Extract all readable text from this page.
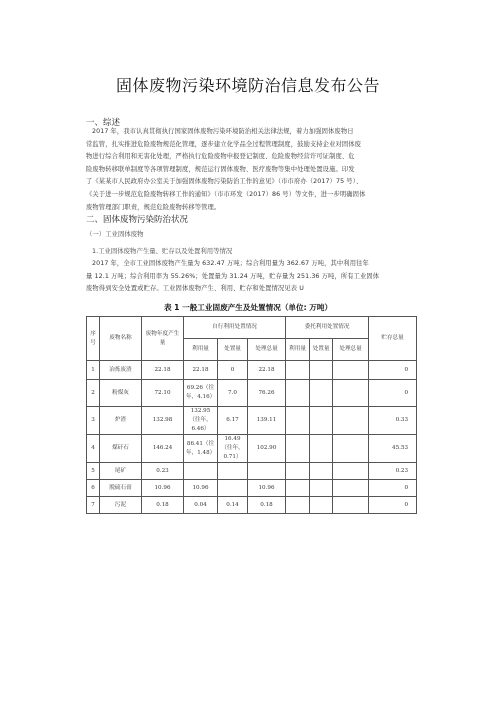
固体废物污染环境防治信息发布公告
一、综述
2017 年，我市认真贯彻执行国家固体废物污染环境防治相关法律法规，着力加强固体废物日
常监管，扎实推进危险废物规范化管理，逐步建立化学品全过程管理制度，鼓励支持企业对固体废
物进行综合利用和无害化处理，严格执行危险废物申报登记制度、危险废物经营许可证制度、危
险废物转移联单制度等各项管理制度，规范运行固体废物、医疗废物等集中处理处置设施。印发
了《某某市人民政府办公室关于加强固体废物污染防治工作的意见》（市市府办（2017）75 号）、
《关于进一步规范危险废物转移工作的通知》（市市环发（2017）86 号）等文件，进一步明确固体
废物管理部门职责，规范危险废物转移等管理。
二、固体废物污染防治状况
（一）工业固体废物
1.工业固体废物产生量、贮存以及处置利用等情况
2017 年，全市工业固体废物产生量为 632.47 万吨；综合利用量为 362.67 万吨，其中利用往年
量 12.1 万吨；综合利用率为 55.26%；处置量为 31.24 万吨，贮存量为 251.36 万吨，所有工业固体
废物得到安全处置或贮存。工业固体废物产生、利用、贮存和处置情况见表 U
表 1 一般工业固废产生及处置情况（单位: 万吨）
序号	废物名称	废物年度产生量	自行利用处置情况			委托利用处置情况			贮存总量
			利用量	处置量	处理总量	利用量	处置量	处理总量	
1	冶炼废渣	22.18	22.18	0	22.18				0
2	粉煤灰	72.10	69.26（往年，4.16）	7.0	76.26				0
3	炉渣	132.98	132.95（往年，6.46）	6.17	139.11				0.33
4	煤矸石	146.24	86.41（往年，1.48）	16.49（往年，0.71）	102.90				45.53
5	尾矿	0.23							0.23
6	脱硫石膏	10.96	10.96		10.96				0
7	污泥	0.18	0.04	0.14	0.18				0
